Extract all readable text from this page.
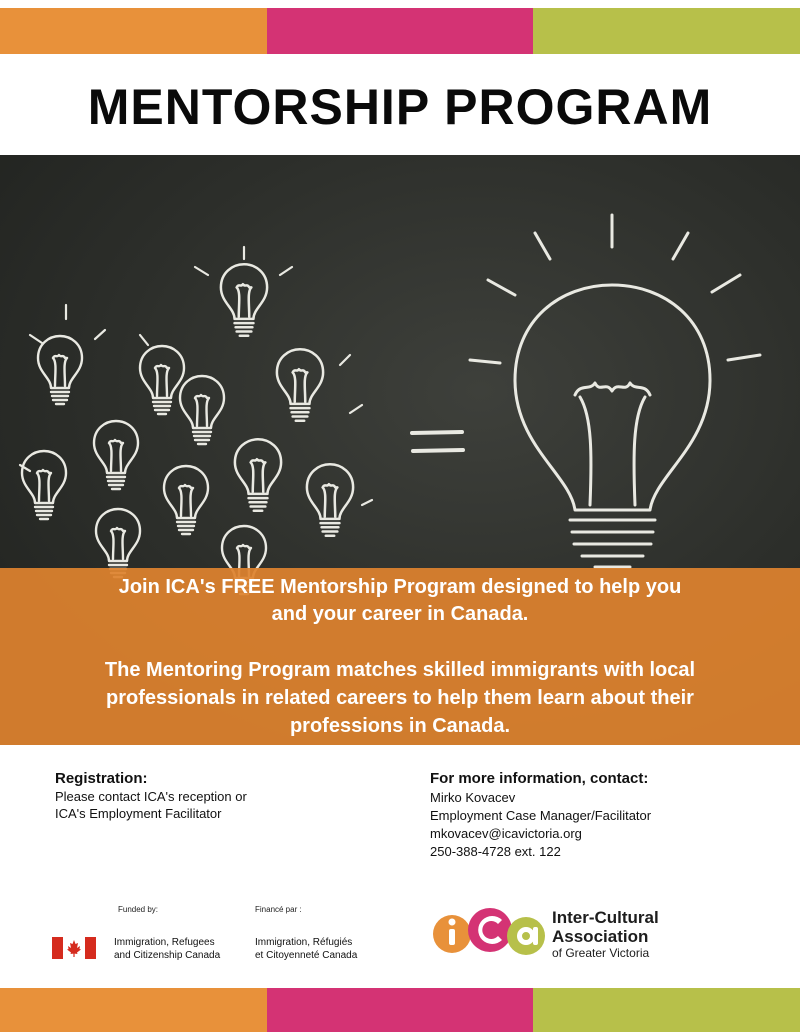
MENTORSHIP PROGRAM
Join ICA's FREE Mentorship Program designed to help you
and your career in Canada.
The Mentoring Program matches skilled immigrants with local
professionals in related careers to help them learn about their
professions in Canada.
Registration:
Please contact ICA's reception or
ICA's Employment Facilitator
For more information, contact:
Mirko Kovacev
Employment Case Manager/Facilitator
mkovacev@icavictoria.org
250-388-4728 ext. 122
Funded by:	Financé par :
Immigration, Refugees
and Citizenship Canada
Immigration, Réfugiés
et Citoyenneté Canada
Inter-Cultural
Association
of Greater Victoria
